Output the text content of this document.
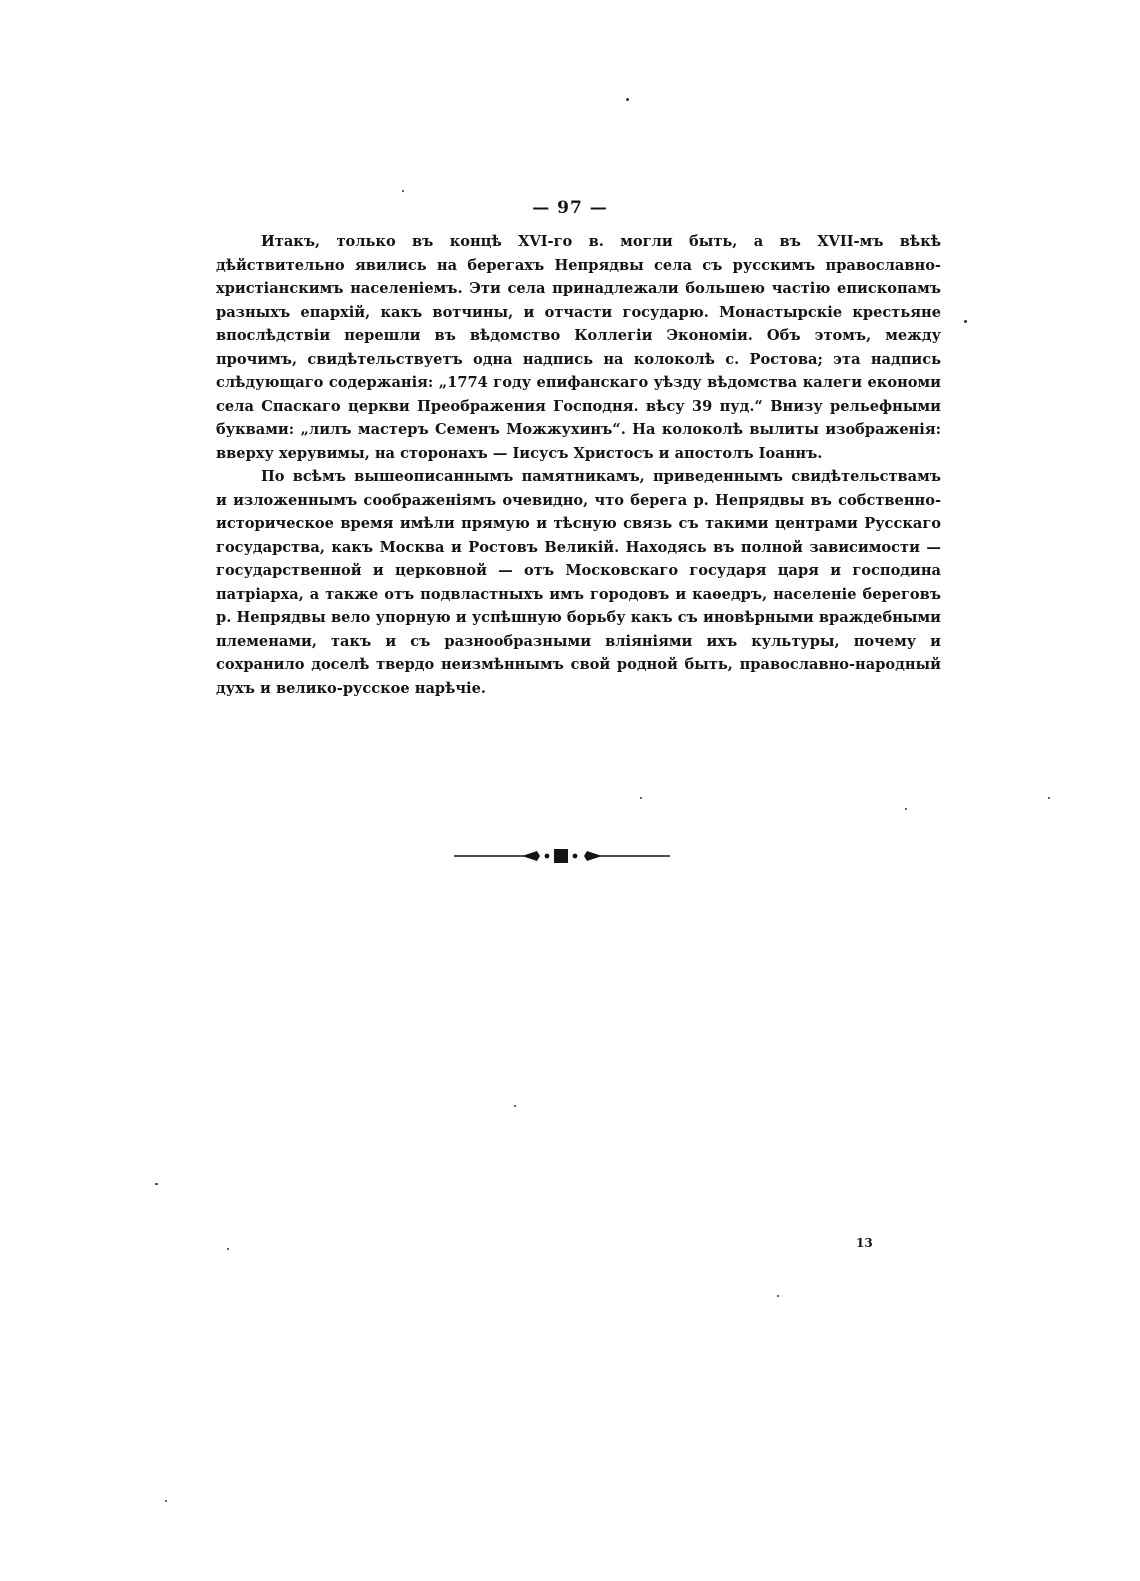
— 97 —

Итакъ, только въ концѣ XVI-го в. могли быть, а въ XVII-мъ вѣкѣ дѣйствительно явились на берегахъ Непрядвы села съ русскимъ православно-христіанскимъ населеніемъ. Эти села принадлежали большею частію епископамъ разныхъ епархій, какъ вотчины, и отчасти государю. Монастырскіе крестьяне впослѣдствіи перешли въ вѣдомство Коллегіи Экономіи. Объ этомъ, между прочимъ, свидѣтельствуетъ одна надпись на колоколѣ с. Ростова; эта надпись слѣдующаго содержанія: „1774 году епифанскаго уѣзду вѣдомства калеги економи села Спаскаго церкви Преображения Господня. вѣсу 39 пуд.“ Внизу рельефными буквами: „лилъ мастеръ Семенъ Можжухинъ“. На колоколѣ вылиты изображенія: вверху херувимы, на сторонахъ — Іисусъ Христосъ и апостолъ Іоаннъ.

По всѣмъ вышеописаннымъ памятникамъ, приведеннымъ свидѣтельствамъ и изложеннымъ соображеніямъ очевидно, что берега р. Непрядвы въ собственно-историческое время имѣли прямую и тѣсную связь съ такими центрами Русскаго государства, какъ Москва и Ростовъ Великій. Находясь въ полной зависимости — государственной и церковной — отъ Московскаго государя царя и господина патріарха, а также отъ подвластныхъ имъ городовъ и каѳедръ, населеніе береговъ р. Непрядвы вело упорную и успѣшную борьбу какъ съ иновѣрными враждебными племенами, такъ и съ разнообразными вліяніями ихъ культуры, почему и сохранило доселѣ твердо неизмѣннымъ свой родной быть, православно-народный духъ и велико-русское нарѣчіе.

13
